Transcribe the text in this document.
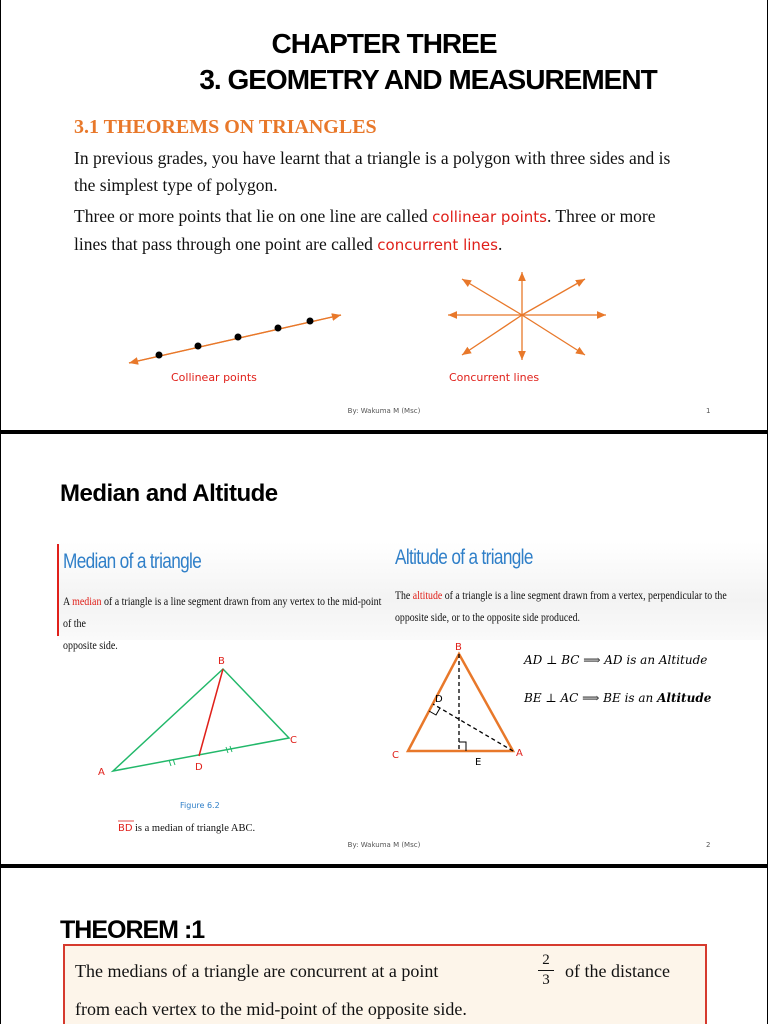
CHAPTER THREE
3. GEOMETRY AND MEASUREMENT
3.1 THEOREMS ON TRIANGLES
In previous grades, you have learnt that a triangle is a polygon with three sides and is
the simplest type of polygon.
Three or more points that lie on one line are called collinear points. Three or more
lines that pass through one point are called concurrent lines.
Collinear points	Concurrent lines
By: Wakuma M (Msc)	1
Median and Altitude
Median of a triangle
A median of a triangle is a line segment drawn from any vertex to the mid-point of the
opposite side.
Altitude of a triangle
The altitude of a triangle is a line segment drawn from a vertex, perpendicular to the
opposite side, or to the opposite side produced.
B
A
C
D
Figure 6.2
BD is a median of triangle ABC.
B
C	A
D
E
AD ⊥ BC ⟹ AD is an Altitude
BE ⊥ AC ⟹ BE is an Altitude
By: Wakuma M (Msc)	2
THEOREM :1
The medians of a triangle are concurrent at a point
2
3 of the distance
from each vertex to the mid-point of the opposite side.
